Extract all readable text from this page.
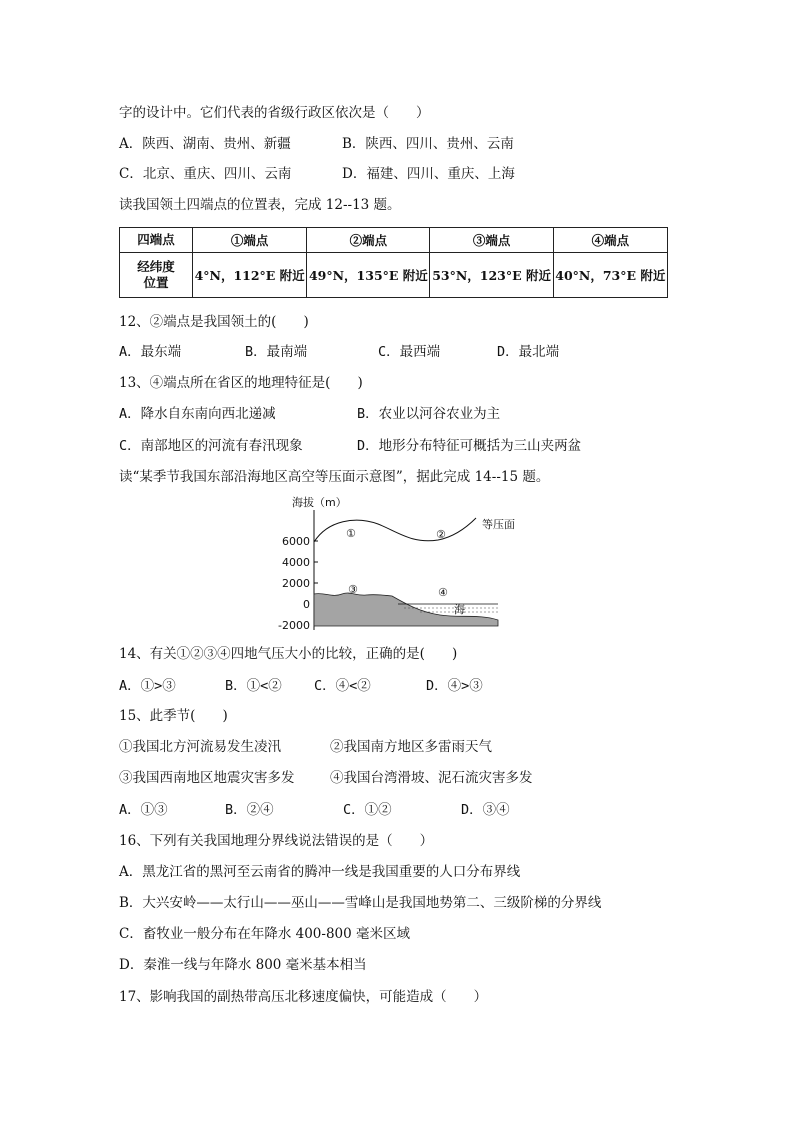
字的设计中。它们代表的省级行政区依次是（　　）
A．陕西、湖南、贵州、新疆	B．陕西、四川、贵州、云南
C．北京、重庆、四川、云南	D．福建、四川、重庆、上海
读我国领土四端点的位置表，完成 12--13 题。
四端点	①端点	②端点	③端点	④端点

经纬度
位置	4°N，112°E 附近	49°N，135°E 附近	53°N，123°E 附近	40°N，73°E 附近
12、②端点是我国领土的(　　)
A．最东端	B．最南端	C．最西端	D．最北端
13、④端点所在省区的地理特征是(　　)
A．降水自东南向西北递减	B．农业以河谷农业为主
C．南部地区的河流有春汛现象	D．地形分布特征可概括为三山夹两盆
读“某季节我国东部沿海地区高空等压面示意图”，据此完成 14--15 题。
海拔（m）
6000
4000
2000
0
-2000
等压面
海
①	②
③	④
14、有关①②③④四地气压大小的比较，正确的是(　　)
A．①>③	B．①<② C．④<②	D．④>③
15、此季节(　　)
①我国北方河流易发生凌汛	②我国南方地区多雷雨天气
③我国西南地区地震灾害多发	④我国台湾滑坡、泥石流灾害多发
A．①③	B．②④	C．①②	D．③④
16、下列有关我国地理分界线说法错误的是（　　）
A．黑龙江省的黑河至云南省的腾冲一线是我国重要的人口分布界线
B．大兴安岭——太行山——巫山——雪峰山是我国地势第二、三级阶梯的分界线
C．畜牧业一般分布在年降水 400-800 毫米区域
D．秦淮一线与年降水 800 毫米基本相当
17、影响我国的副热带高压北移速度偏快，可能造成（　　）
